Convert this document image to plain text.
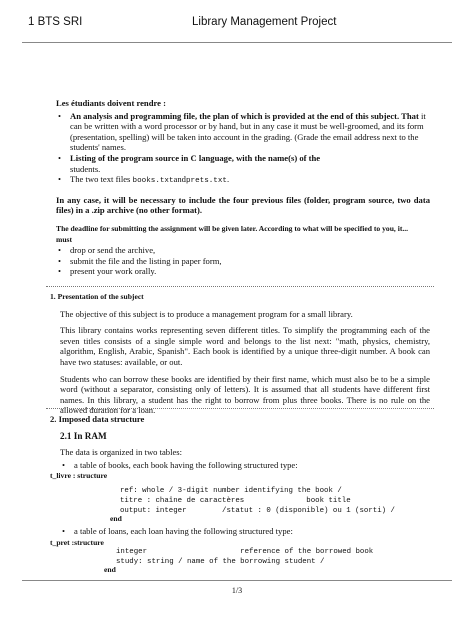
1 BTS SRI	Library Management Project

Les étudiants doivent rendre :

• An analysis and programming file, the plan of which is provided at the end of this subject. That it can be written with a word processor or by hand, but in any case it must be well-groomed, and its form (presentation, spelling) will be taken into account in the grading. (Grade the email address next to the students' names.
• Listing of the program source in C language, with the name(s) of the
students.
• The two text files books.txtandprets.txt.

In any case, it will be necessary to include the four previous files (folder, program source, two data files) in a .zip archive (no other format).

The deadline for submitting the assignment will be given later. According to what will be specified to you, it...

must

• drop or send the archive,
• submit the file and the listing in paper form,
• present your work orally.

1. Presentation of the subject

The objective of this subject is to produce a management program for a small library.

This library contains works representing seven different titles. To simplify the programming each of the seven titles consists of a single simple word and belongs to the list next: "math, physics, chemistry, algorithm, English, Arabic, Spanish". Each book is identified by a unique three-digit number. A book can have two statuses: available, or out.

Students who can borrow these books are identified by their first name, which must also be to be a simple word (without a separator, consisting only of letters). It is assumed that all students have different first names. In this library, a student has the right to borrow from plus three books. There is no rule on the allowed duration for a loan.

2. Imposed data structure

2.1 In RAM

The data is organized in two tables:

• a table of books, each book having the following structured type:

t_livre : structure

ref: whole / 3-digit number identifying the book /
titre : chaîne de caractères              book title
output: integer        /statut : 0 (disponible) ou 1 (sorti) /
end
• a table of loans, each loan having the following structured type:
t_pret :structure
integer                     reference of the borrowed book
study: string / name of the borrowing student /
end
1/3
